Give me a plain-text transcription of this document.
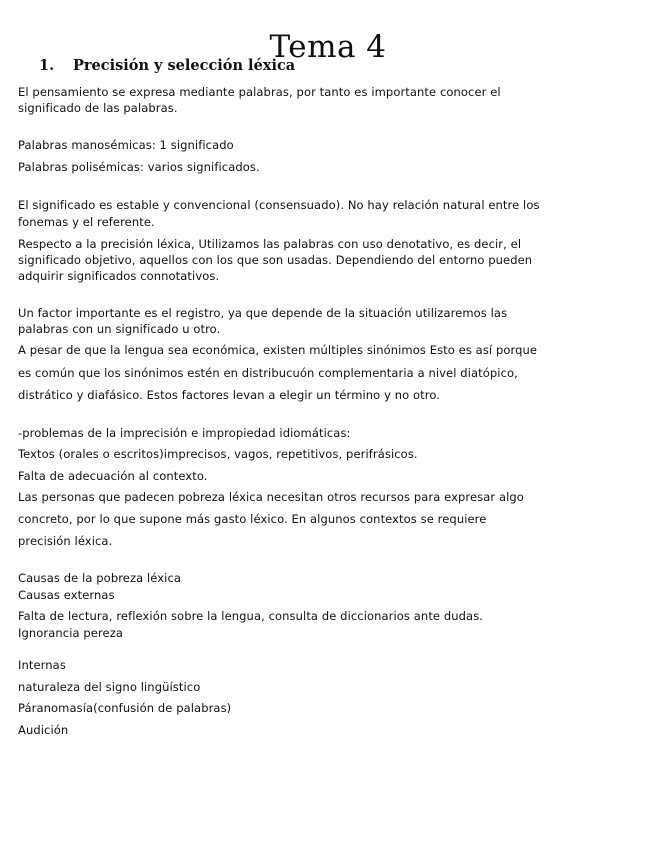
Tema 4
1. Precisión y selección léxica
El pensamiento se expresa mediante palabras, por tanto es importante conocer el
significado de las palabras.
Palabras manosémicas: 1 significado
Palabras polisémicas: varios significados.
El significado es estable y convencional (consensuado). No hay relación natural entre los
fonemas y el referente.
Respecto a la precisión léxica, Utilizamos las palabras con uso denotativo, es decir, el
significado objetivo, aquellos con los que son usadas. Dependiendo del entorno pueden
adquirir significados connotativos.
Un factor importante es el registro, ya que depende de la situación utilizaremos las
palabras con un significado u otro.
A pesar de que la lengua sea económica, existen múltiples sinónimos Esto es así porque
es común que los sinónimos estén en distribucuón complementaria a nivel diatópico,
distrático y diafásico. Estos factores levan a elegir un término y no otro.
-problemas de la imprecisión e impropiedad idiomáticas:
Textos (orales o escritos)imprecisos, vagos, repetitivos, perifrásicos.
Falta de adecuación al contexto.
Las personas que padecen pobreza léxica necesitan otros recursos para expresar algo
concreto, por lo que supone más gasto léxico. En algunos contextos se requiere
precisión léxica.
Causas de la pobreza léxica
Causas externas
Falta de lectura, reflexión sobre la lengua, consulta de diccionarios ante dudas.
Ignorancia pereza
Internas
naturaleza del signo lingüístico
Páranomasía(confusión de palabras)
Audición
